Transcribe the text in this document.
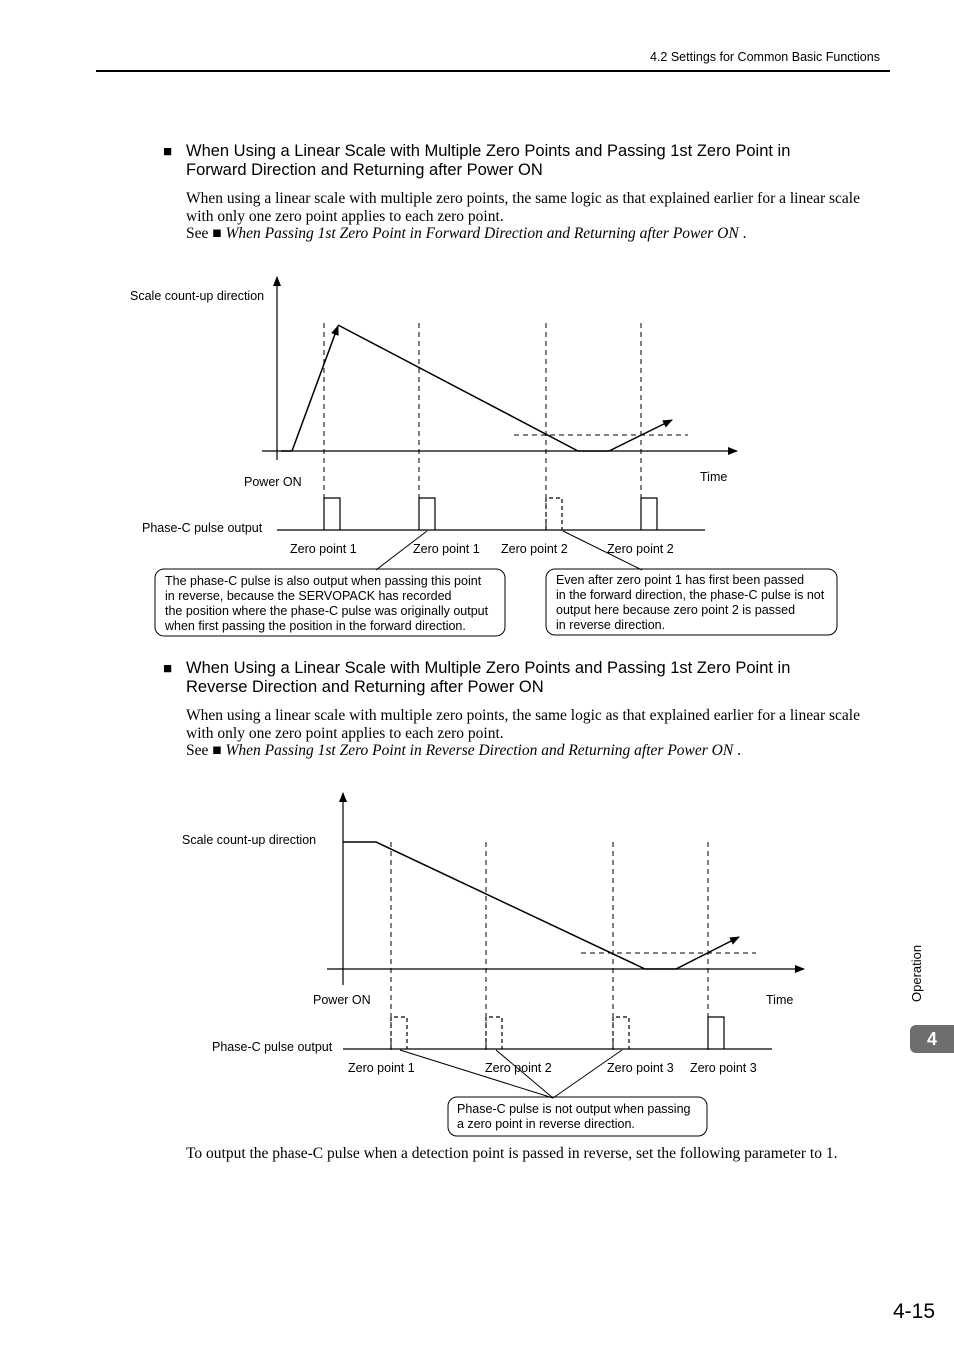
4.2 Settings for Common Basic Functions
■ When Using a Linear Scale with Multiple Zero Points and Passing 1st Zero Point in
Forward Direction and Returning after Power ON
When using a linear scale with multiple zero points, the same logic as that explained earlier for a linear scale
with only one zero point applies to each zero point.
See ■ When Passing 1st Zero Point in Forward Direction and Returning after Power ON .
Scale count-up direction
Power ON	Time
Phase-C pulse output
Zero point 1	Zero point 1 Zero point 2	Zero point 2
The phase-C pulse is also output when passing this point
in reverse, because the SERVOPACK has recorded
the position where the phase-C pulse was originally output
when first passing the position in the forward direction.
Even after zero point 1 has first been passed
in the forward direction, the phase-C pulse is not
output here because zero point 2 is passed
in reverse direction.
■ When Using a Linear Scale with Multiple Zero Points and Passing 1st Zero Point in
Reverse Direction and Returning after Power ON
When using a linear scale with multiple zero points, the same logic as that explained earlier for a linear scale
with only one zero point applies to each zero point.
See ■ When Passing 1st Zero Point in Reverse Direction and Returning after Power ON .
Scale count-up direction
Power ON	Time
Phase-C pulse output
Zero point 1	Zero point 2	Zero point 3 Zero point 3
Phase-C pulse is not output when passing
a zero point in reverse direction.
To output the phase-C pulse when a detection point is passed in reverse, set the following parameter to 1.
Operation
4
4-15
